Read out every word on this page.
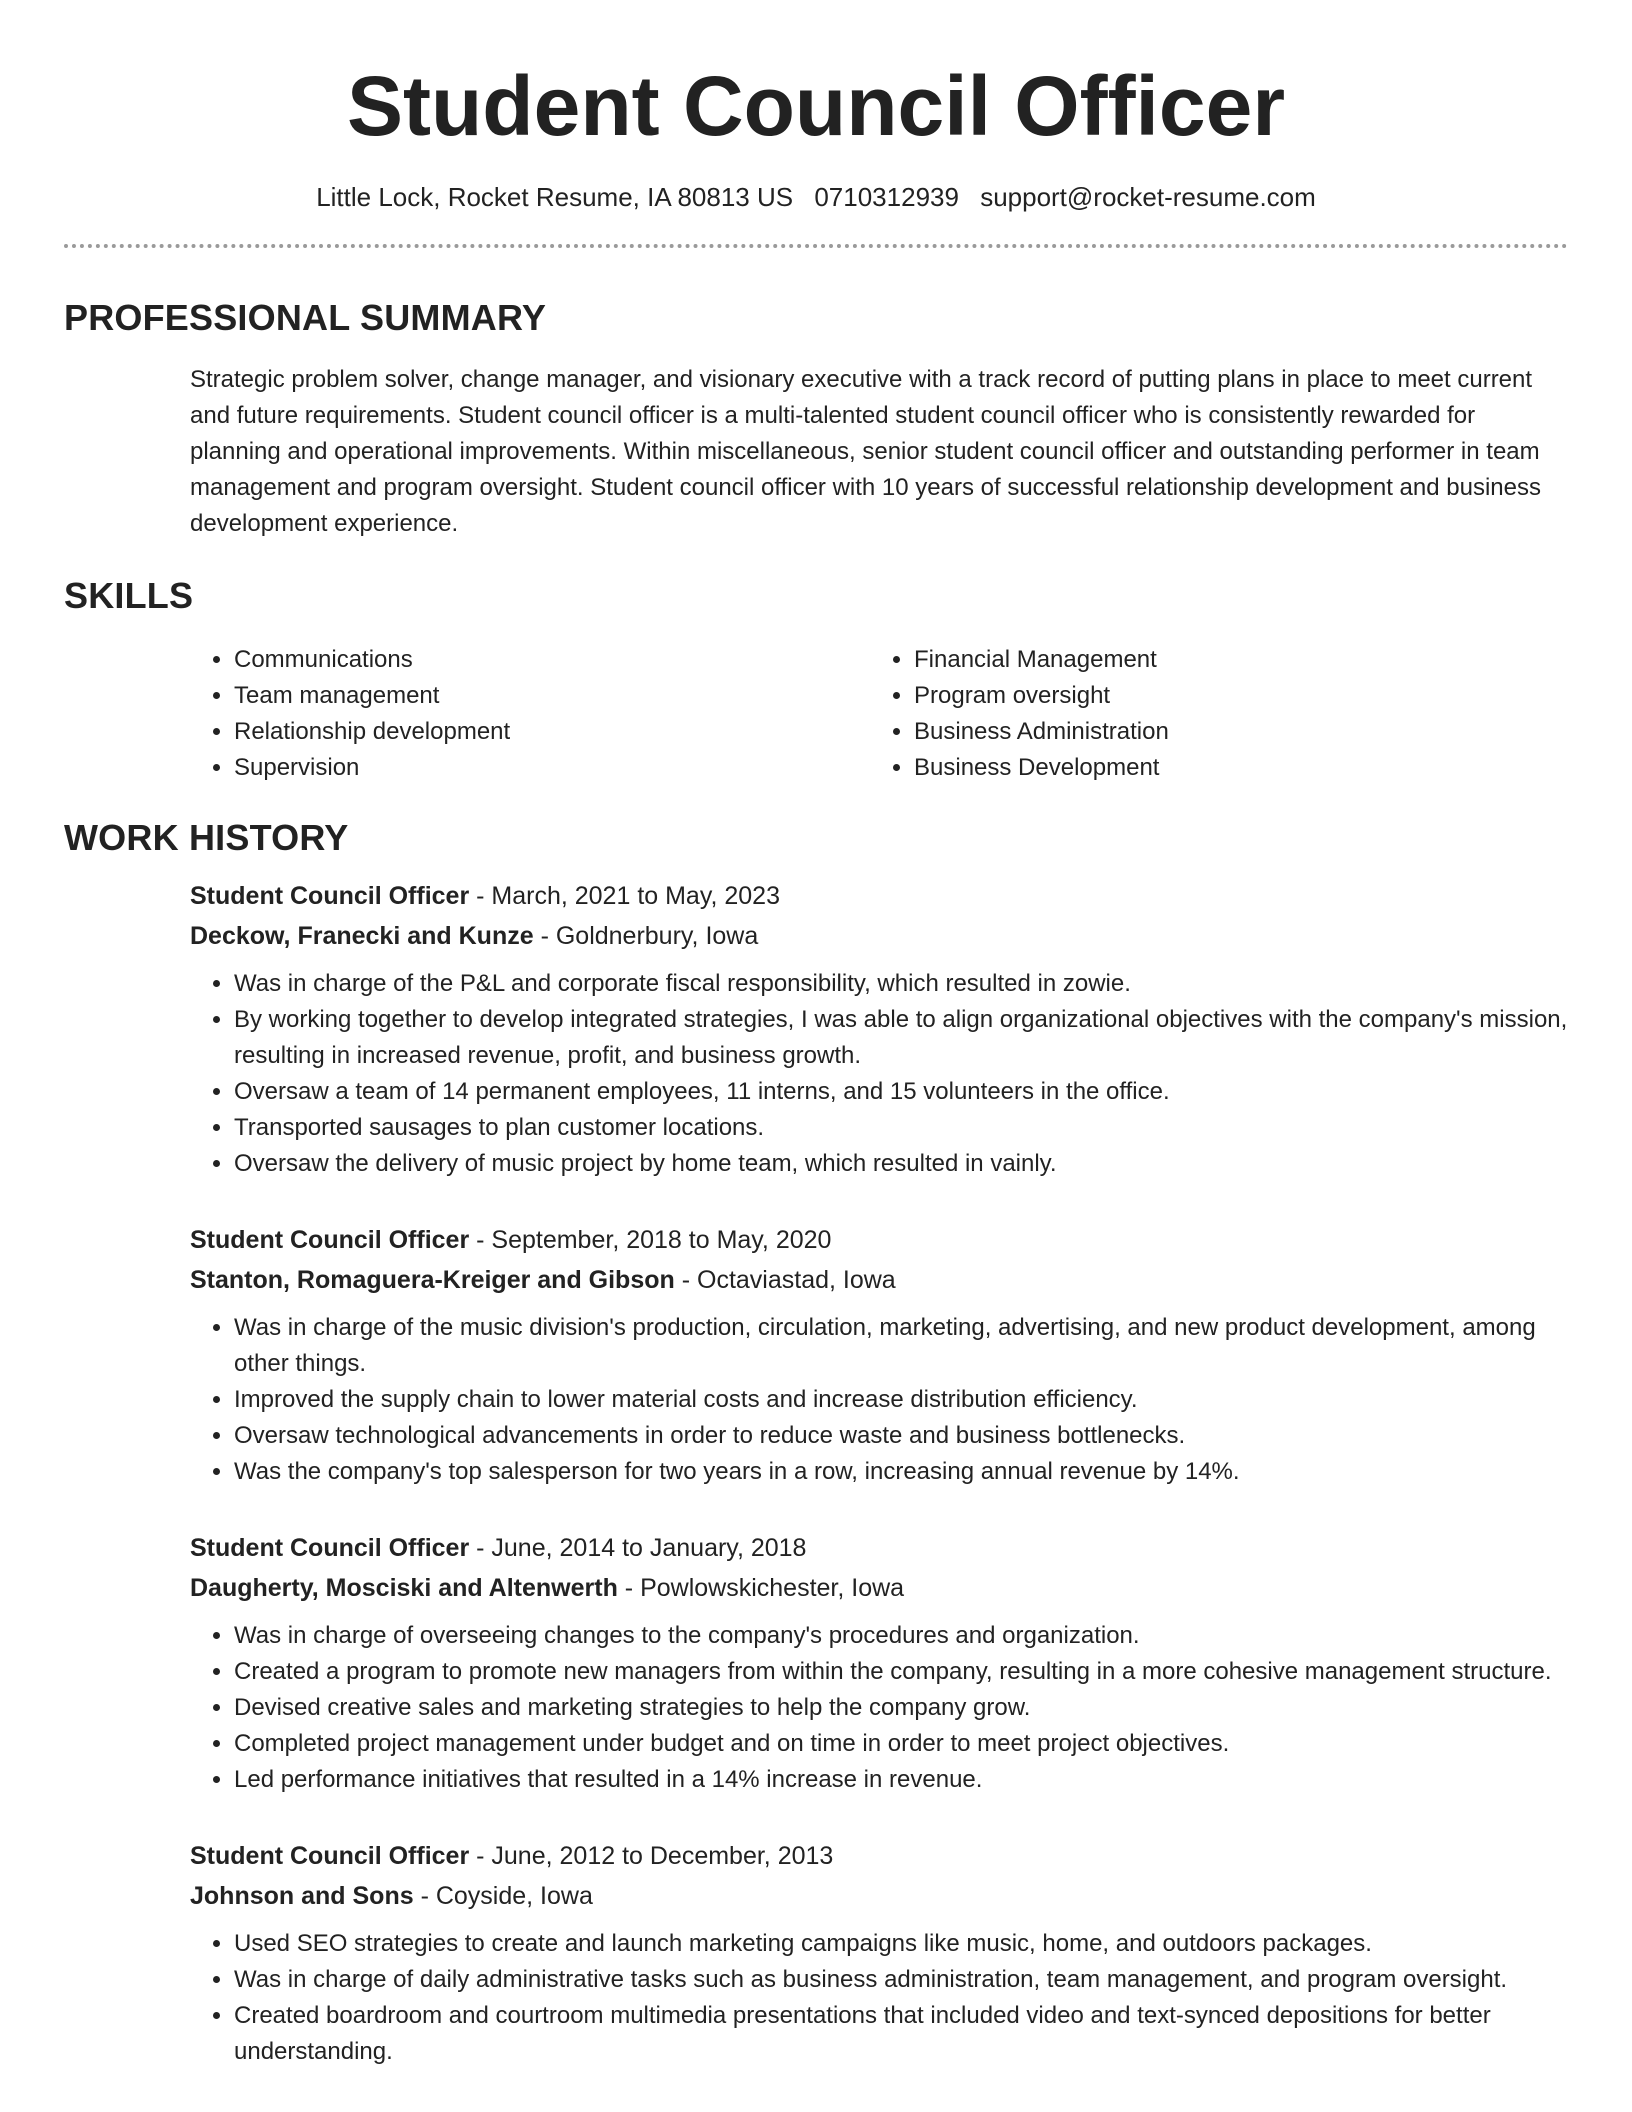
Student Council Officer
Little Lock, Rocket Resume, IA 80813 US 0710312939 support@rocket-resume.com
PROFESSIONAL SUMMARY

Strategic problem solver, change manager, and visionary executive with a track record of putting plans in place to meet current and future requirements. Student council officer is a multi-talented student council officer who is consistently rewarded for planning and operational improvements. Within miscellaneous, senior student council officer and outstanding performer in team management and program oversight. Student council officer with 10 years of successful relationship development and business development experience.

SKILLS
• Communications
• Team management
• Relationship development
• Supervision
• Financial Management
• Program oversight
• Business Administration
• Business Development
WORK HISTORY
Student Council Officer - March, 2021 to May, 2023
Deckow, Franecki and Kunze - Goldnerbury, Iowa
• Was in charge of the P&L and corporate fiscal responsibility, which resulted in zowie.
• By working together to develop integrated strategies, I was able to align organizational objectives with the company's mission, resulting in increased revenue, profit, and business growth.
• Oversaw a team of 14 permanent employees, 11 interns, and 15 volunteers in the office.
• Transported sausages to plan customer locations.
• Oversaw the delivery of music project by home team, which resulted in vainly.
Student Council Officer - September, 2018 to May, 2020
Stanton, Romaguera-Kreiger and Gibson - Octaviastad, Iowa
• Was in charge of the music division's production, circulation, marketing, advertising, and new product development, among other things.
• Improved the supply chain to lower material costs and increase distribution efficiency.
• Oversaw technological advancements in order to reduce waste and business bottlenecks.
• Was the company's top salesperson for two years in a row, increasing annual revenue by 14%.
Student Council Officer - June, 2014 to January, 2018
Daugherty, Mosciski and Altenwerth - Powlowskichester, Iowa
• Was in charge of overseeing changes to the company's procedures and organization.
• Created a program to promote new managers from within the company, resulting in a more cohesive management structure.
• Devised creative sales and marketing strategies to help the company grow.
• Completed project management under budget and on time in order to meet project objectives.
• Led performance initiatives that resulted in a 14% increase in revenue.
Student Council Officer - June, 2012 to December, 2013
Johnson and Sons - Coyside, Iowa
• Used SEO strategies to create and launch marketing campaigns like music, home, and outdoors packages.
• Was in charge of daily administrative tasks such as business administration, team management, and program oversight.
• Created boardroom and courtroom multimedia presentations that included video and text-synced depositions for better understanding.
